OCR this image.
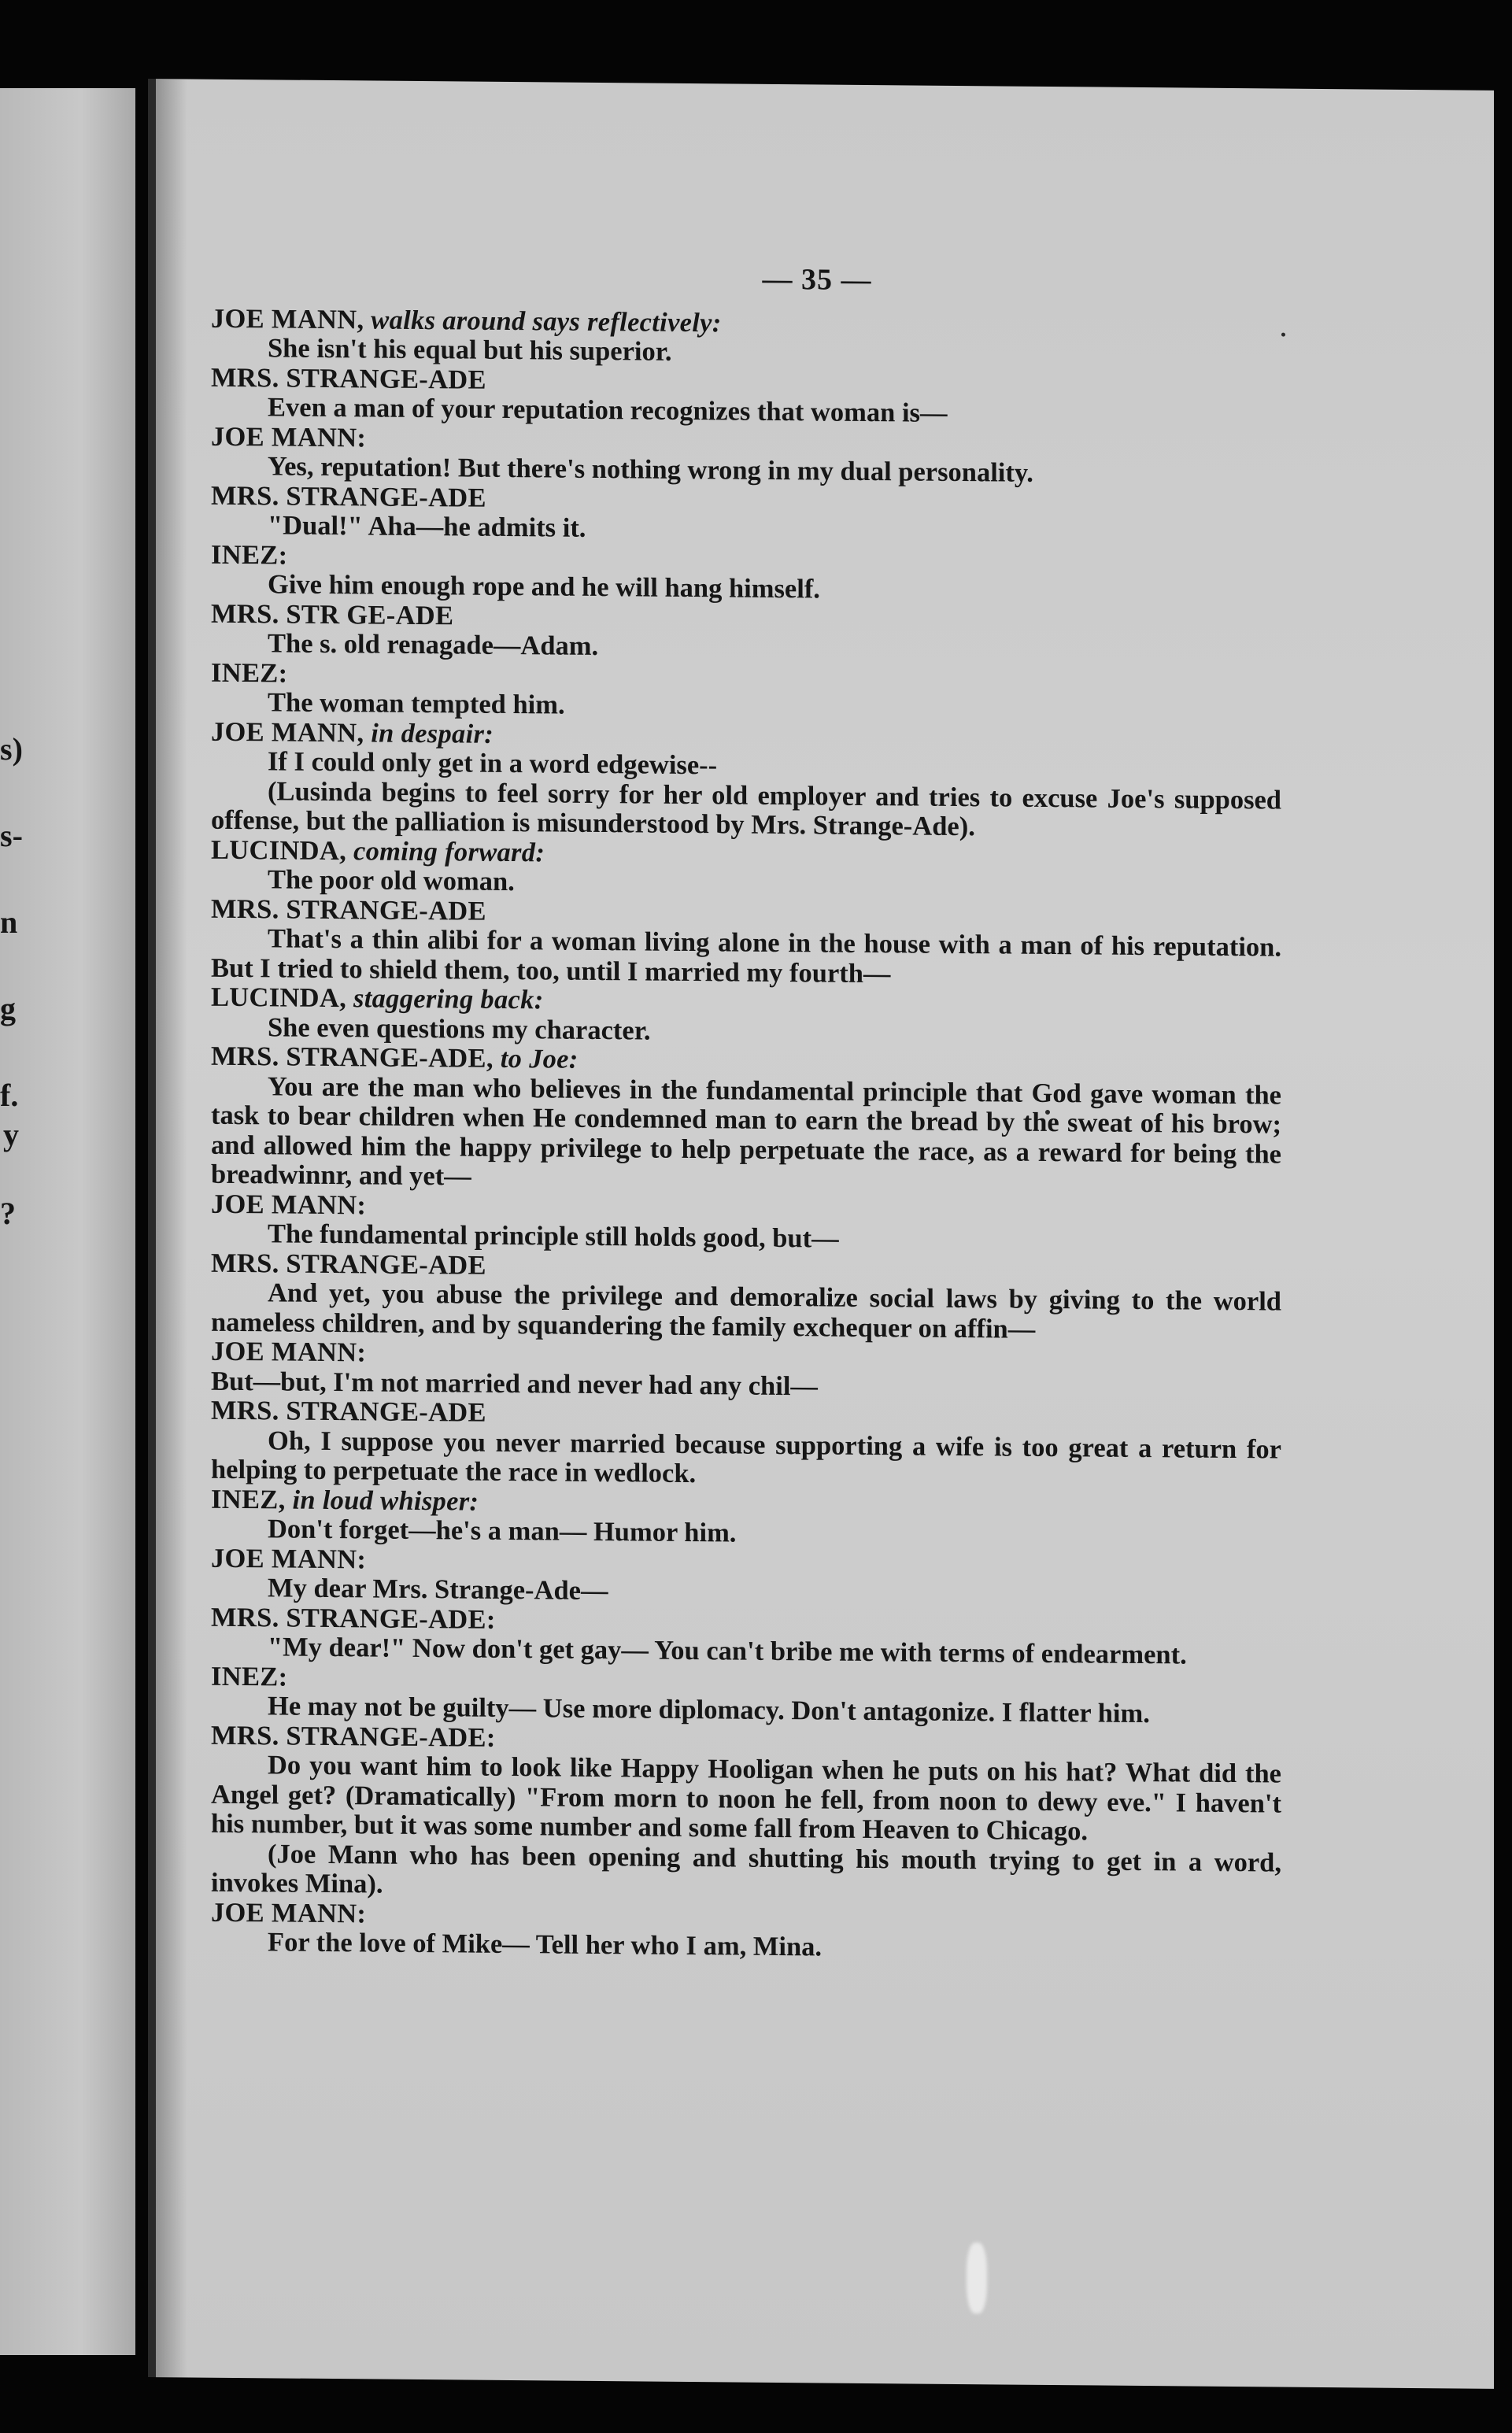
s)
s-
n
g
f.
y
?
— 35 —
JOE MANN, walks around says reflectively:
She isn't his equal but his superior.
MRS. STRANGE-ADE
Even a man of your reputation recognizes that woman is—
JOE MANN:
Yes, reputation! But there's nothing wrong in my dual personality.
MRS. STRANGE-ADE
"Dual!" Aha—he admits it.
INEZ:
Give him enough rope and he will hang himself.
MRS. STR GE-ADE
The s. old renagade—Adam.
INEZ:
The woman tempted him.
JOE MANN, in despair:
If I could only get in a word edgewise--
(Lusinda begins to feel sorry for her old employer and tries to excuse Joe's supposed offense, but the palliation is misunderstood by Mrs. Strange-Ade).
LUCINDA, coming forward:
The poor old woman.
MRS. STRANGE-ADE
That's a thin alibi for a woman living alone in the house with a man of his reputation. But I tried to shield them, too, until I married my fourth—
LUCINDA, staggering back:
She even questions my character.
MRS. STRANGE-ADE, to Joe:
You are the man who believes in the fundamental principle that God gave woman the task to bear children when He condemned man to earn the bread by the sweat of his brow; and allowed him the happy privilege to help perpetuate the race, as a reward for being the breadwinnr, and yet—
JOE MANN:
The fundamental principle still holds good, but—
MRS. STRANGE-ADE
And yet, you abuse the privilege and demoralize social laws by giving to the world nameless children, and by squandering the family exchequer on affin—
JOE MANN:
But—but, I'm not married and never had any chil—
MRS. STRANGE-ADE
Oh, I suppose you never married because supporting a wife is too great a return for helping to perpetuate the race in wedlock.
INEZ, in loud whisper:
Don't forget—he's a man— Humor him.
JOE MANN:
My dear Mrs. Strange-Ade—
MRS. STRANGE-ADE:
"My dear!" Now don't get gay— You can't bribe me with terms of endearment.
INEZ:
He may not be guilty— Use more diplomacy. Don't antagonize. I flatter him.
MRS. STRANGE-ADE:
Do you want him to look like Happy Hooligan when he puts on his hat? What did the Angel get? (Dramatically) "From morn to noon he fell, from noon to dewy eve." I haven't his number, but it was some number and some fall from Heaven to Chicago.
(Joe Mann who has been opening and shutting his mouth trying to get in a word, invokes Mina).
JOE MANN:
For the love of Mike— Tell her who I am, Mina.
